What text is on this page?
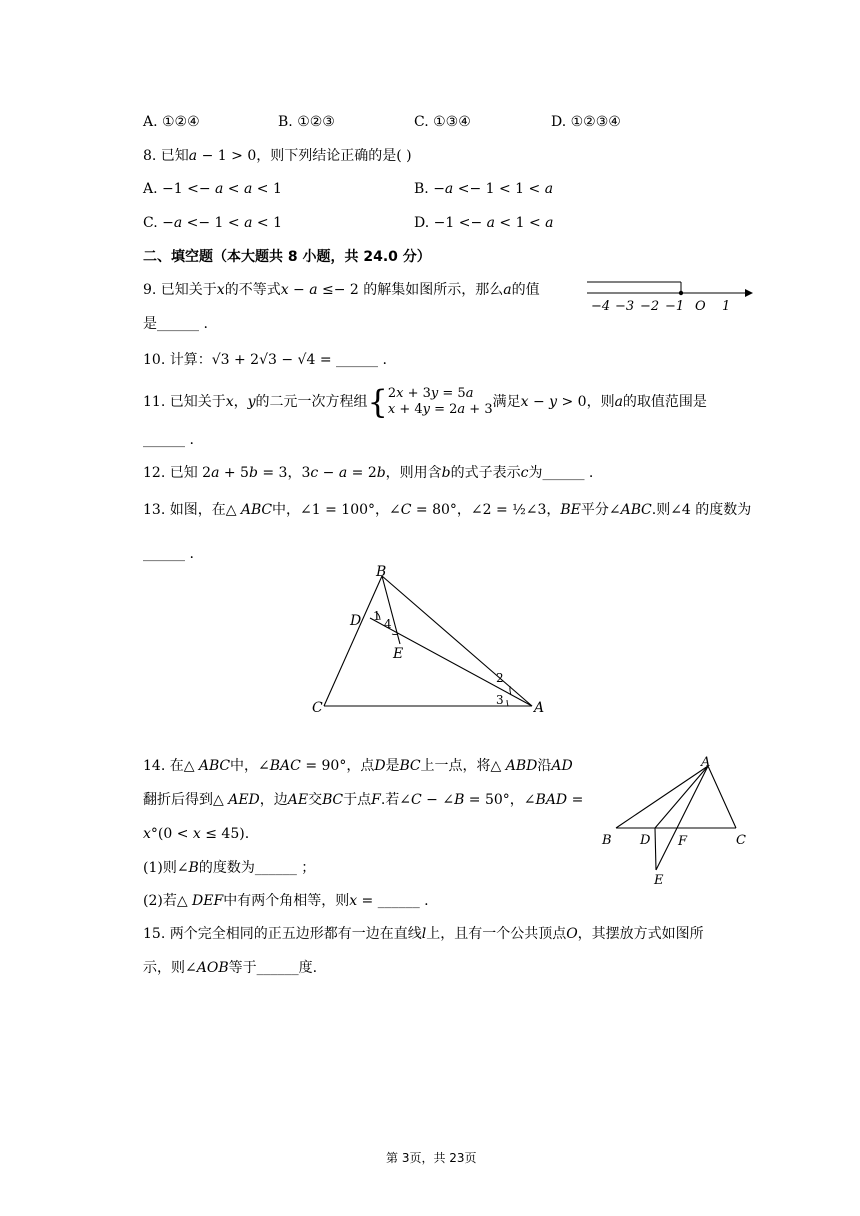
A. ①②④	B. ①②③	C. ①③④	D. ①②③④
8. 已知𝑎 − 1 > 0，则下列结论正确的是( )
A. −1 <− 𝑎 < 𝑎 < 1	B. −𝑎 <− 1 < 1 < 𝑎
C. −𝑎 <− 1 < 𝑎 < 1	D. −1 <− 𝑎 < 1 < 𝑎
二、填空题（本大题共 8 小题，共 24.0 分）
9. 已知关于𝑥的不等式𝑥 − 𝑎 ≤− 2 的解集如图所示，那么𝑎的值
是______ .
−4 −3 −2 −1 O 1
10. 计算：√3 + 2√3 − √4 = ______ .
11. 已知关于𝑥，𝑦的二元一次方程组{ 2𝑥 + 3𝑦 = 5𝑎
𝑥 + 4𝑦 = 2𝑎 + 3 满足𝑥 − 𝑦 > 0，则𝑎的取值范围是
______ .
12. 已知 2𝑎 + 5𝑏 = 3，3𝑐 − 𝑎 = 2𝑏，则用含𝑏的式子表示𝑐为______ .
13. 如图，在△ 𝐴𝐵𝐶中，∠1 = 100°，∠𝐶 = 80°，∠2 = ½∠3，𝐵𝐸平分∠𝐴𝐵𝐶.则∠4 的度数为
______ .
B
D
E
C	A
1
4
2
3
14. 在△ 𝐴𝐵𝐶中，∠𝐵𝐴𝐶 = 90°，点𝐷是𝐵𝐶上一点，将△ 𝐴𝐵𝐷沿𝐴𝐷
翻折后得到△ 𝐴𝐸𝐷，边𝐴𝐸交𝐵𝐶于点𝐹.若∠𝐶 − ∠𝐵 = 50°，∠𝐵𝐴𝐷 =
𝑥°(0 < 𝑥 ≤ 45).
(1)则∠𝐵的度数为______ ；
(2)若△ 𝐷𝐸𝐹中有两个角相等，则𝑥 = ______ .
A
B	C
D F
E
15. 两个完全相同的正五边形都有一边在直线𝑙上，且有一个公共顶点𝑂，其摆放方式如图所
示，则∠𝐴𝑂𝐵等于______度.
第 3页，共 23页
